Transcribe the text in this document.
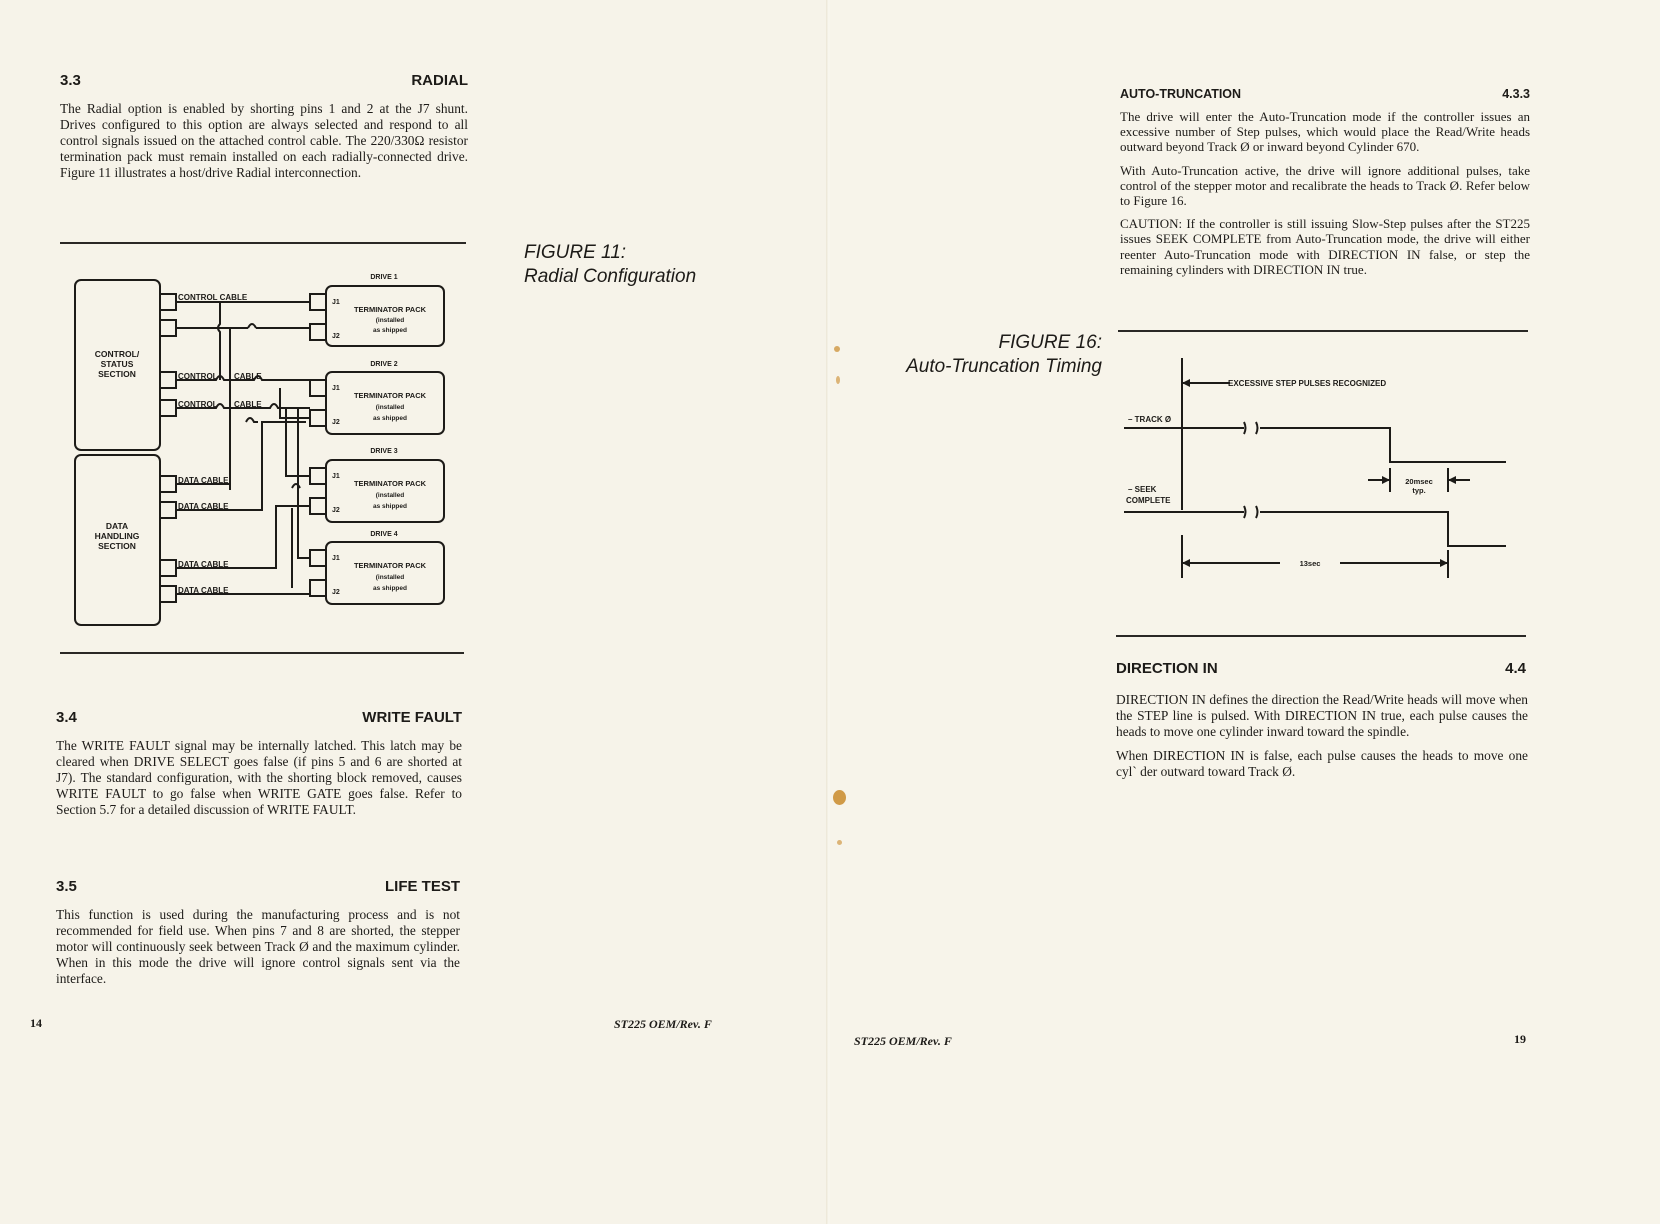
3.3	RADIAL

The Radial option is enabled by shorting pins 1 and 2 at the J7 shunt. Drives configured to this option are always selected and respond to all control signals issued on the attached control cable. The 220/330Ω resistor termination pack must remain installed on each radially-connected drive. Figure 11 illustrates a host/drive Radial interconnection.

CONTROL/
STATUS
SECTION
DATA
HANDLING
SECTION
CONTROL CABLE
CONTROL CABLE
CONTROL CABLE
DATA CABLE
DATA CABLE
DATA CABLE
DATA CABLE
DRIVE 1
J1
J2
TERMINATOR PACK
(installed
as shipped
DRIVE 2
J1
J2
TERMINATOR PACK
(installed
as shipped
DRIVE 3
J1
J2
TERMINATOR PACK
(installed
as shipped
DRIVE 4
J1
J2
TERMINATOR PACK
(installed
as shipped
FIGURE 11:
Radial Configuration
3.4	WRITE FAULT

The WRITE FAULT signal may be internally latched. This latch may be cleared when DRIVE SELECT goes false (if pins 5 and 6 are shorted at J7). The standard configuration, with the shorting block removed, causes WRITE FAULT to go false when WRITE GATE goes false. Refer to Section 5.7 for a detailed discussion of WRITE FAULT.

3.5	LIFE TEST

This function is used during the manufacturing process and is not recommended for field use. When pins 7 and 8 are shorted, the stepper motor will continuously seek between Track Ø and the maximum cylinder. When in this mode the drive will ignore control signals sent via the interface.

14	ST225 OEM/Rev. F
AUTO-TRUNCATION	4.3.3

The drive will enter the Auto-Truncation mode if the controller issues an excessive number of Step pulses, which would place the Read/Write heads outward beyond Track Ø or inward beyond Cylinder 670.

With Auto-Truncation active, the drive will ignore additional pulses, take control of the stepper motor and recalibrate the heads to Track Ø. Refer below to Figure 16.

CAUTION: If the controller is still issuing Slow-Step pulses after the ST225 issues SEEK COMPLETE from Auto-Truncation mode, the drive will either reenter Auto-Truncation mode with DIRECTION IN false, or step the remaining cylinders with DIRECTION IN true.

FIGURE 16:
Auto-Truncation Timing
EXCESSIVE STEP PULSES RECOGNIZED
– TRACK Ø
– SEEK
COMPLETE
20msec
typ.
13sec
DIRECTION IN	4.4

DIRECTION IN defines the direction the Read/Write heads will move when the STEP line is pulsed. With DIRECTION IN true, each pulse causes the heads to move one cylinder inward toward the spindle.

When DIRECTION IN is false, each pulse causes the heads to move one cyl` der outward toward Track Ø.

ST225 OEM/Rev. F	19
